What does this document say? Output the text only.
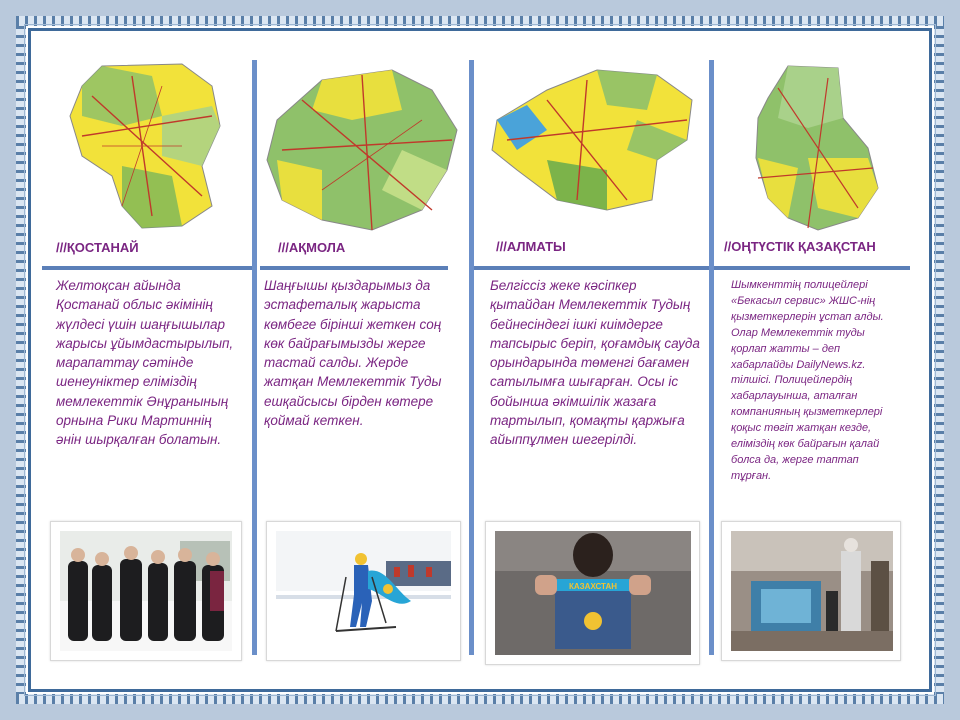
///ҚОСТАНАЙ	///АҚМОЛА	///АЛМАТЫ	//ОҢТҮСТІК ҚАЗАҚСТАН
Желтоқсан айында Қостанай облыс әкімінің жүлдесі үшін шаңғышылар жарысы ұйымдастырылып, марапаттау сәтінде шенеуніктер еліміздің мемлекеттік Әнұранының орнына Рики Мартиннің әнін шырқалған болатын.
Шаңғышы қыздарымыз да эстафеталық жарыста көмбеге бірінші жеткен соң көк байрағымызды жерге тастай салды. Жерде жатқан Мемлекеттік Туды ешқайсысы бірден көтере қоймай кеткен.
Белгіссіз жеке кәсіпкер қытайдан Мемлекеттік Тудың бейнесіндегі ішкі киімдерге тапсырыс беріп, қоғамдық сауда орындарында төменгі бағамен сатылымға шығарған. Осы іс бойынша әкімшілік жазаға тартылып, қомақты қаржыға айыппұлмен шегерілді.
Шымкенттің полицейлері «Бекасыл сервис» ЖШС-нің қызметкерлерін ұстап алды. Олар Мемлекеттік туды қорлап жатты – деп хабарлайды DailyNews.kz. тілшісі. Полицейлердің хабарлауынша, аталған компанияның қызметкерлері қоқыс төгіп жатқан кезде, еліміздің көк байрағын қалай болса да, жерге таптап тұрған.
КАЗАХСТАН
